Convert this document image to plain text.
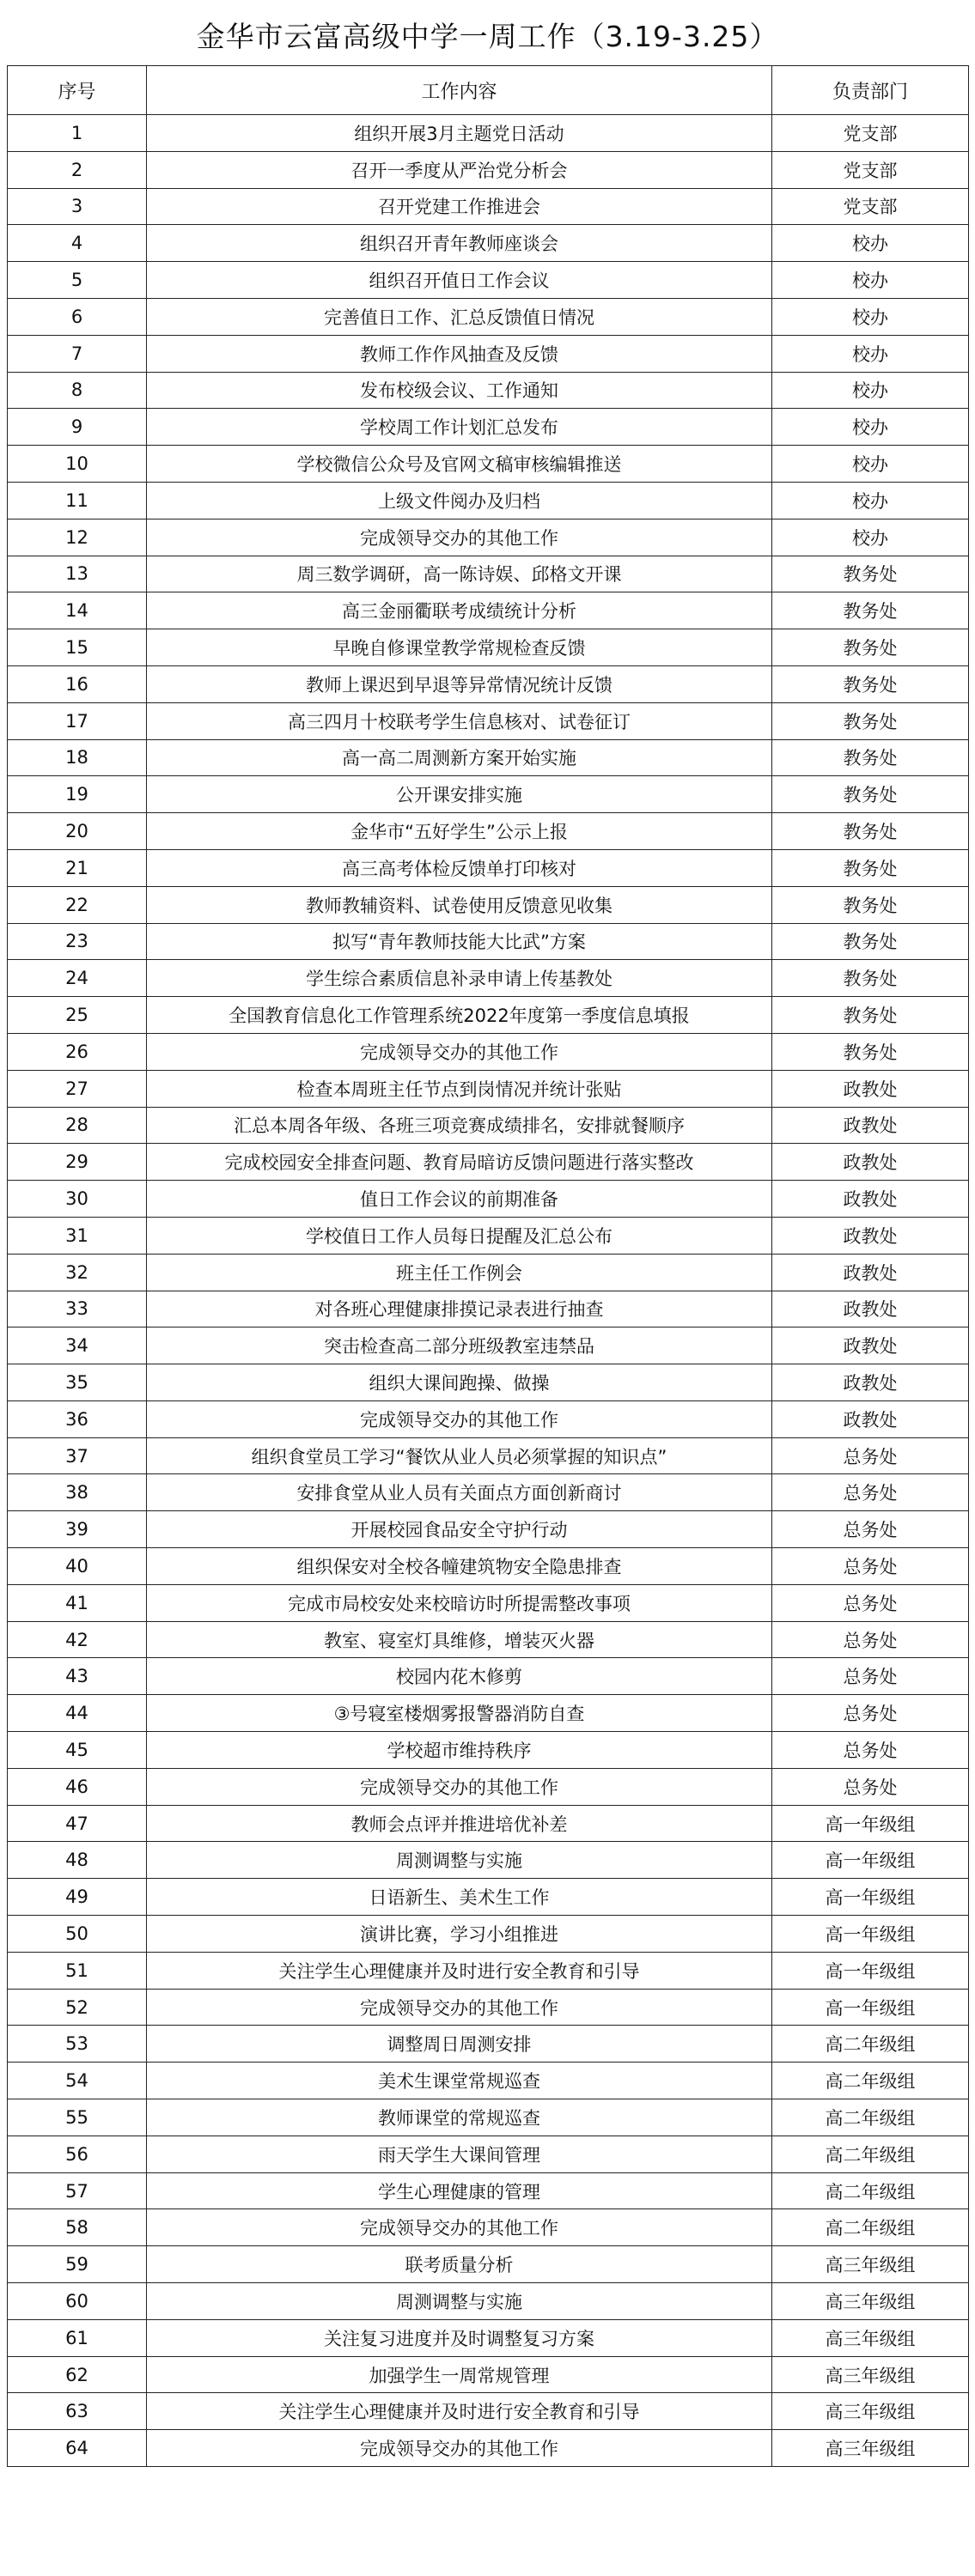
金华市云富高级中学一周工作（3.19-3.25）
序号	工作内容	负责部门
1	组织开展3月主题党日活动	党支部
2	召开一季度从严治党分析会	党支部
3	召开党建工作推进会	党支部
4	组织召开青年教师座谈会	校办
5	组织召开值日工作会议	校办
6	完善值日工作、汇总反馈值日情况	校办
7	教师工作作风抽查及反馈	校办
8	发布校级会议、工作通知	校办
9	学校周工作计划汇总发布	校办
10	学校微信公众号及官网文稿审核编辑推送	校办
11	上级文件阅办及归档	校办
12	完成领导交办的其他工作	校办
13	周三数学调研，高一陈诗娱、邱格文开课	教务处
14	高三金丽衢联考成绩统计分析	教务处
15	早晚自修课堂教学常规检查反馈	教务处
16	教师上课迟到早退等异常情况统计反馈	教务处
17	高三四月十校联考学生信息核对、试卷征订	教务处
18	高一高二周测新方案开始实施	教务处
19	公开课安排实施	教务处
20	金华市“五好学生”公示上报	教务处
21	高三高考体检反馈单打印核对	教务处
22	教师教辅资料、试卷使用反馈意见收集	教务处
23	拟写“青年教师技能大比武”方案	教务处
24	学生综合素质信息补录申请上传基教处	教务处
25	全国教育信息化工作管理系统2022年度第一季度信息填报	教务处
26	完成领导交办的其他工作	教务处
27	检查本周班主任节点到岗情况并统计张贴	政教处
28	汇总本周各年级、各班三项竞赛成绩排名，安排就餐顺序	政教处
29	完成校园安全排查问题、教育局暗访反馈问题进行落实整改	政教处
30	值日工作会议的前期准备	政教处
31	学校值日工作人员每日提醒及汇总公布	政教处
32	班主任工作例会	政教处
33	对各班心理健康排摸记录表进行抽查	政教处
34	突击检查高二部分班级教室违禁品	政教处
35	组织大课间跑操、做操	政教处
36	完成领导交办的其他工作	政教处
37	组织食堂员工学习“餐饮从业人员必须掌握的知识点”	总务处
38	安排食堂从业人员有关面点方面创新商讨	总务处
39	开展校园食品安全守护行动	总务处
40	组织保安对全校各幢建筑物安全隐患排查	总务处
41	完成市局校安处来校暗访时所提需整改事项	总务处
42	教室、寝室灯具维修，增装灭火器	总务处
43	校园内花木修剪	总务处
44	③号寝室楼烟雾报警器消防自查	总务处
45	学校超市维持秩序	总务处
46	完成领导交办的其他工作	总务处
47	教师会点评并推进培优补差	高一年级组
48	周测调整与实施	高一年级组
49	日语新生、美术生工作	高一年级组
50	演讲比赛，学习小组推进	高一年级组
51	关注学生心理健康并及时进行安全教育和引导	高一年级组
52	完成领导交办的其他工作	高一年级组
53	调整周日周测安排	高二年级组
54	美术生课堂常规巡查	高二年级组
55	教师课堂的常规巡查	高二年级组
56	雨天学生大课间管理	高二年级组
57	学生心理健康的管理	高二年级组
58	完成领导交办的其他工作	高二年级组
59	联考质量分析	高三年级组
60	周测调整与实施	高三年级组
61	关注复习进度并及时调整复习方案	高三年级组
62	加强学生一周常规管理	高三年级组
63	关注学生心理健康并及时进行安全教育和引导	高三年级组
64	完成领导交办的其他工作	高三年级组
